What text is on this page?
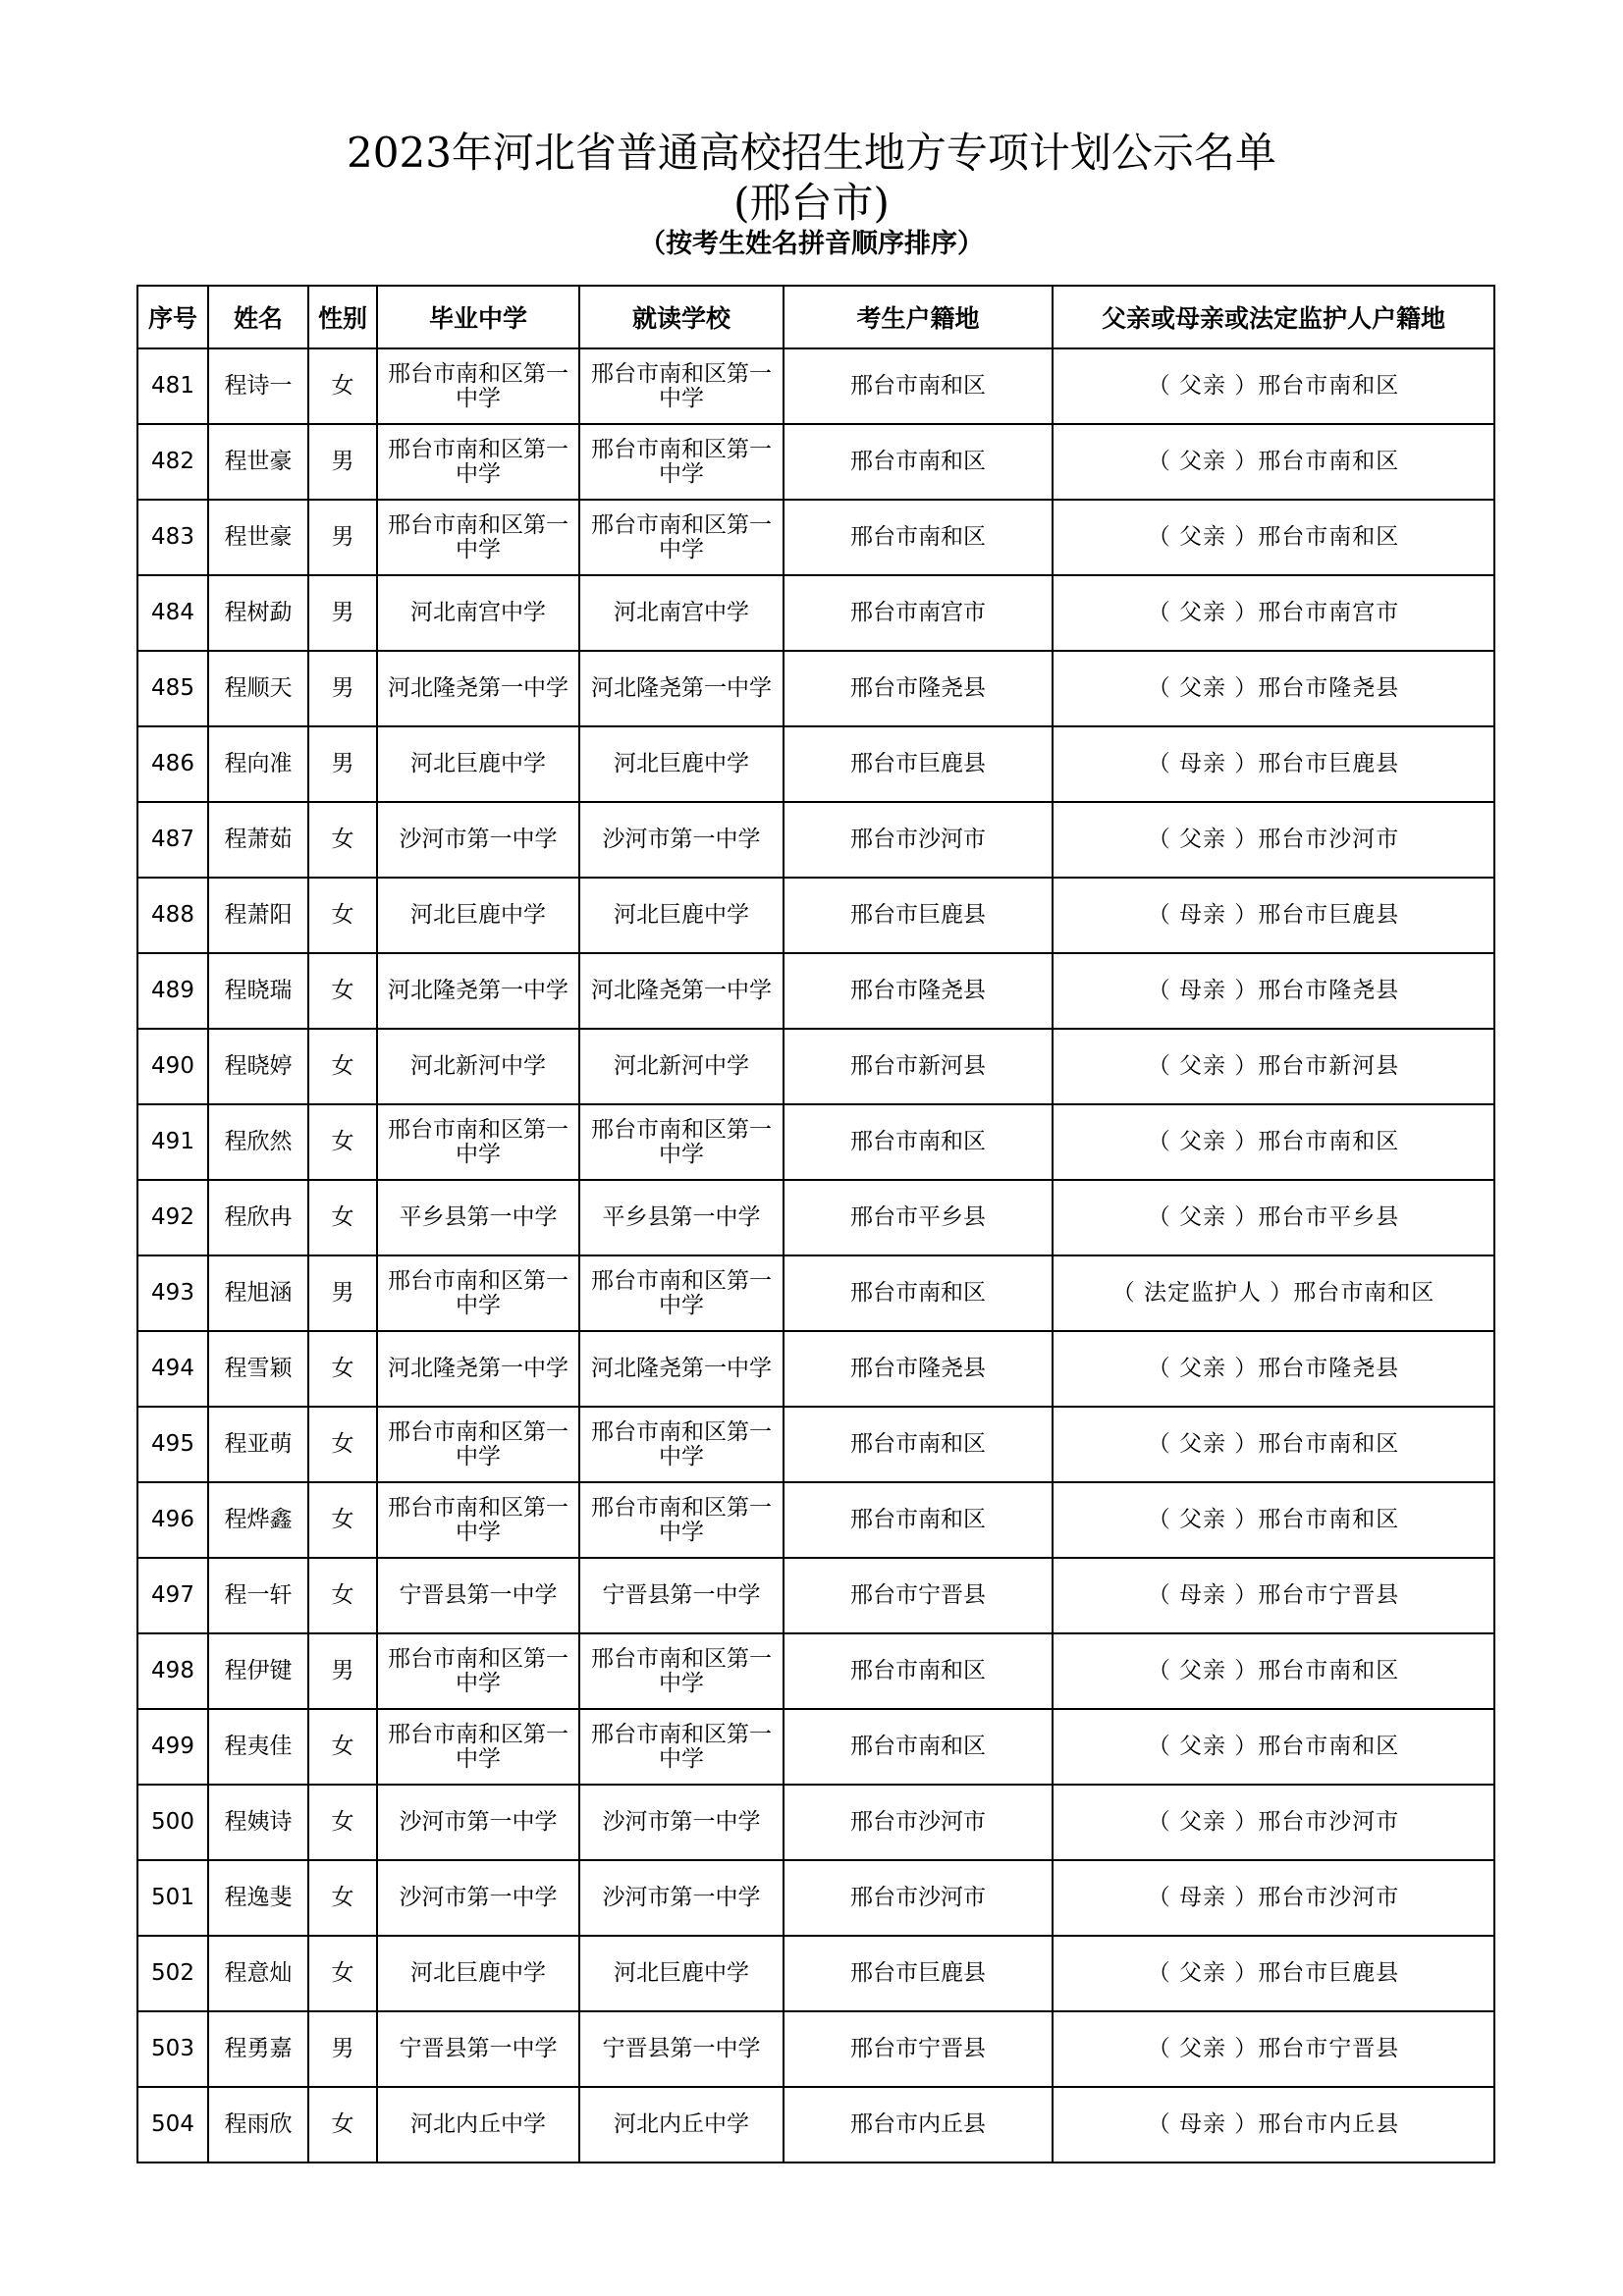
2023年河北省普通高校招生地方专项计划公示名单
(邢台市)
（按考生姓名拼音顺序排序）
序号	姓名	性别	毕业中学	就读学校	考生户籍地	父亲或母亲或法定监护人户籍地
481	程诗一	女	邢台市南和区第一中学	邢台市南和区第一中学	邢台市南和区	（ 父亲 ）邢台市南和区
482	程世豪	男	邢台市南和区第一中学	邢台市南和区第一中学	邢台市南和区	（ 父亲 ）邢台市南和区
483	程世豪	男	邢台市南和区第一中学	邢台市南和区第一中学	邢台市南和区	（ 父亲 ）邢台市南和区
484	程树勐	男	河北南宫中学	河北南宫中学	邢台市南宫市	（ 父亲 ）邢台市南宫市
485	程顺天	男	河北隆尧第一中学	河北隆尧第一中学	邢台市隆尧县	（ 父亲 ）邢台市隆尧县
486	程向准	男	河北巨鹿中学	河北巨鹿中学	邢台市巨鹿县	（ 母亲 ）邢台市巨鹿县
487	程萧茹	女	沙河市第一中学	沙河市第一中学	邢台市沙河市	（ 父亲 ）邢台市沙河市
488	程萧阳	女	河北巨鹿中学	河北巨鹿中学	邢台市巨鹿县	（ 母亲 ）邢台市巨鹿县
489	程晓瑞	女	河北隆尧第一中学	河北隆尧第一中学	邢台市隆尧县	（ 母亲 ）邢台市隆尧县
490	程晓婷	女	河北新河中学	河北新河中学	邢台市新河县	（ 父亲 ）邢台市新河县
491	程欣然	女	邢台市南和区第一中学	邢台市南和区第一中学	邢台市南和区	（ 父亲 ）邢台市南和区
492	程欣冉	女	平乡县第一中学	平乡县第一中学	邢台市平乡县	（ 父亲 ）邢台市平乡县
493	程旭涵	男	邢台市南和区第一中学	邢台市南和区第一中学	邢台市南和区	（ 法定监护人 ）邢台市南和区
494	程雪颖	女	河北隆尧第一中学	河北隆尧第一中学	邢台市隆尧县	（ 父亲 ）邢台市隆尧县
495	程亚萌	女	邢台市南和区第一中学	邢台市南和区第一中学	邢台市南和区	（ 父亲 ）邢台市南和区
496	程烨鑫	女	邢台市南和区第一中学	邢台市南和区第一中学	邢台市南和区	（ 父亲 ）邢台市南和区
497	程一轩	女	宁晋县第一中学	宁晋县第一中学	邢台市宁晋县	（ 母亲 ）邢台市宁晋县
498	程伊键	男	邢台市南和区第一中学	邢台市南和区第一中学	邢台市南和区	（ 父亲 ）邢台市南和区
499	程夷佳	女	邢台市南和区第一中学	邢台市南和区第一中学	邢台市南和区	（ 父亲 ）邢台市南和区
500	程姨诗	女	沙河市第一中学	沙河市第一中学	邢台市沙河市	（ 父亲 ）邢台市沙河市
501	程逸斐	女	沙河市第一中学	沙河市第一中学	邢台市沙河市	（ 母亲 ）邢台市沙河市
502	程意灿	女	河北巨鹿中学	河北巨鹿中学	邢台市巨鹿县	（ 父亲 ）邢台市巨鹿县
503	程勇嘉	男	宁晋县第一中学	宁晋县第一中学	邢台市宁晋县	（ 父亲 ）邢台市宁晋县
504	程雨欣	女	河北内丘中学	河北内丘中学	邢台市内丘县	（ 母亲 ）邢台市内丘县
